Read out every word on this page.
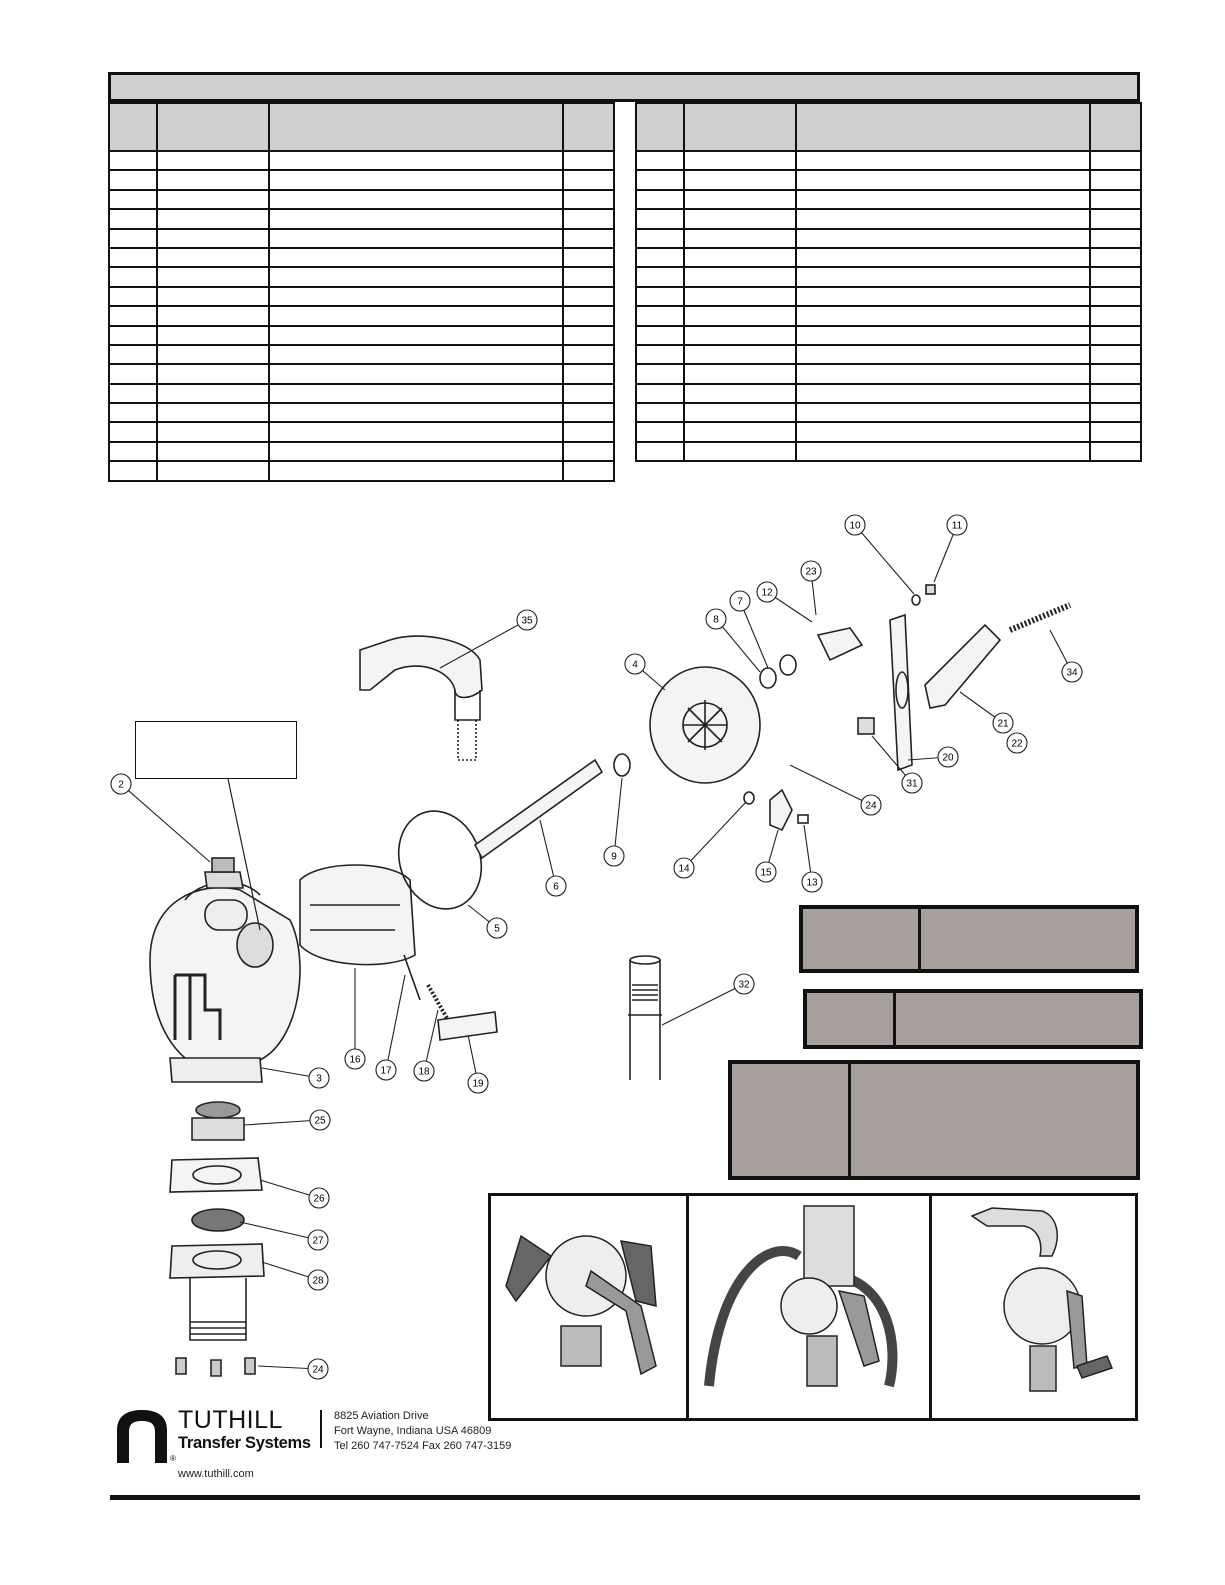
2
3
4
5
6
7
8
9
10	11
12
13
14	15
16
17	18
19
20
21
22
23
24
24
25
26
27
28
31
32
34
35
®
TUTHILL
Transfer Systems
8825 Aviation Drive
Fort Wayne, Indiana USA 46809
Tel 260 747-7524 Fax 260 747-3159
www.tuthill.com
